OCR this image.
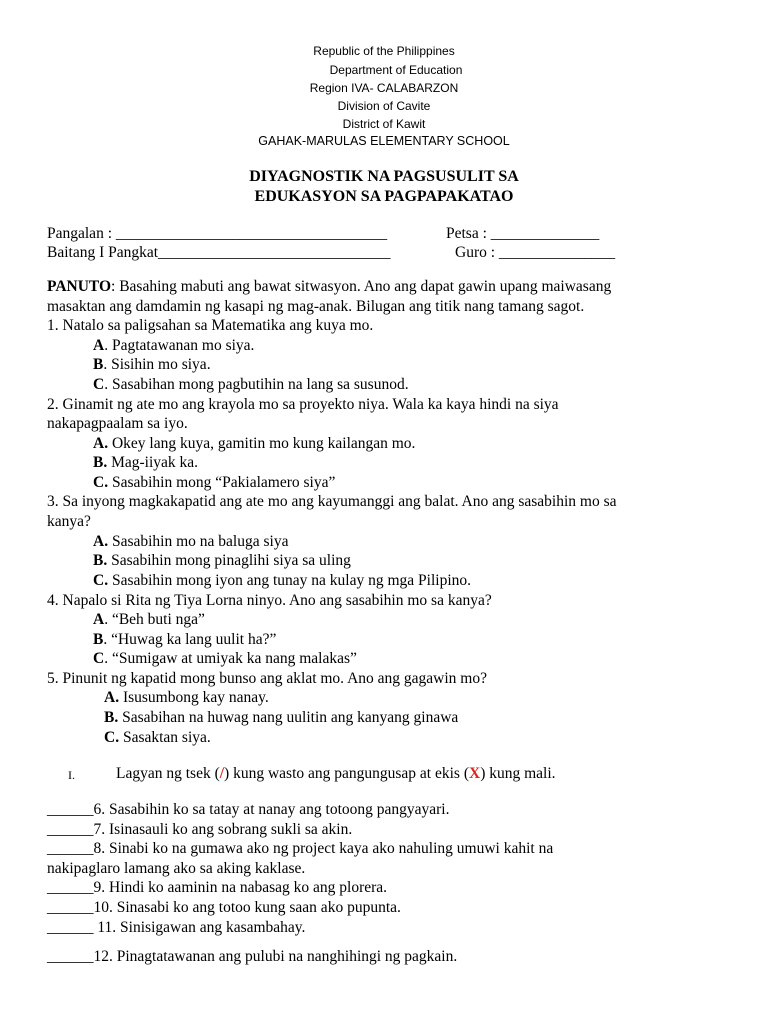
Republic of the Philippines
Department of Education
Region IVA- CALABARZON
Division of Cavite
District of Kawit
GAHAK-MARULAS ELEMENTARY SCHOOL
DIYAGNOSTIK NA PAGSUSULIT SA
EDUKASYON SA PAGPAPAKATAO
Pangalan : ___________________________________	Petsa : ______________
Baitang I Pangkat______________________________	Guro : _______________
PANUTO: Basahing mabuti ang bawat sitwasyon. Ano ang dapat gawin upang maiwasang
masaktan ang damdamin ng kasapi ng mag-anak. Bilugan ang titik nang tamang sagot.
1. Natalo sa paligsahan sa Matematika ang kuya mo.
A. Pagtatawanan mo siya.
B. Sisihin mo siya.
C. Sasabihan mong pagbutihin na lang sa susunod.
2. Ginamit ng ate mo ang krayola mo sa proyekto niya. Wala ka kaya hindi na siya
nakapagpaalam sa iyo.
A. Okey lang kuya, gamitin mo kung kailangan mo.
B. Mag-iiyak ka.
C. Sasabihin mong “Pakialamero siya”
3. Sa inyong magkakapatid ang ate mo ang kayumanggi ang balat. Ano ang sasabihin mo sa
kanya?
A. Sasabihin mo na baluga siya
B. Sasabihin mong pinaglihi siya sa uling
C. Sasabihin mong iyon ang tunay na kulay ng mga Pilipino.
4. Napalo si Rita ng Tiya Lorna ninyo. Ano ang sasabihin mo sa kanya?
A. “Beh buti nga”
B. “Huwag ka lang uulit ha?”
C. “Sumigaw at umiyak ka nang malakas”
5. Pinunit ng kapatid mong bunso ang aklat mo. Ano ang gagawin mo?
A. Isusumbong kay nanay.
B. Sasabihan na huwag nang uulitin ang kanyang ginawa
C. Sasaktan siya.
I.	Lagyan ng tsek (/) kung wasto ang pangungusap at ekis (X) kung mali.
______6. Sasabihin ko sa tatay at nanay ang totoong pangyayari.
______7. Isinasauli ko ang sobrang sukli sa akin.
______8. Sinabi ko na gumawa ako ng project kaya ako nahuling umuwi kahit na
nakipaglaro lamang ako sa aking kaklase.
______9. Hindi ko aaminin na nabasag ko ang plorera.
______10. Sinasabi ko ang totoo kung saan ako pupunta.
______ 11. Sinisigawan ang kasambahay.
______12. Pinagtatawanan ang pulubi na nanghihingi ng pagkain.
